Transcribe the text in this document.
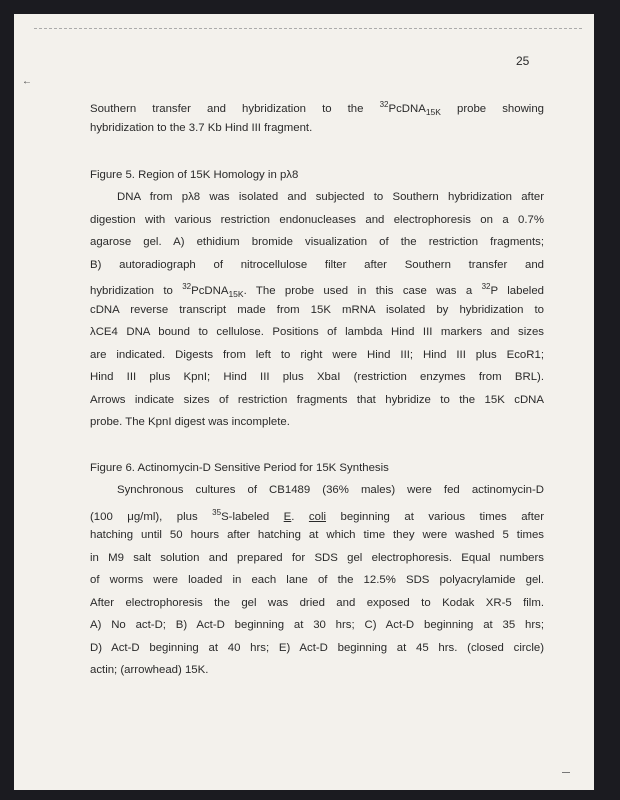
←
25
Southern transfer and hybridization to the $^{32}$PcDNA$_{15K}$ probe showing
hybridization to the 3.7 Kb Hind III fragment.
Figure 5. Region of 15K Homology in pλ8
DNA from pλ8 was isolated and subjected to Southern hybridization after
digestion with various restriction endonucleases and electrophoresis on a 0.7%
agarose gel. A) ethidium bromide visualization of the restriction fragments;
B) autoradiograph of nitrocellulose filter after Southern transfer and
hybridization to $^{32}$PcDNA$_{15K}$. The probe used in this case was a $^{32}$P labeled
cDNA reverse transcript made from 15K mRNA isolated by hybridization to
λCE4 DNA bound to cellulose. Positions of lambda Hind III markers and sizes
are indicated. Digests from left to right were Hind III; Hind III plus EcoR1;
Hind III plus KpnI; Hind III plus XbaI (restriction enzymes from BRL).
Arrows indicate sizes of restriction fragments that hybridize to the 15K cDNA
probe. The KpnI digest was incomplete.
Figure 6. Actinomycin-D Sensitive Period for 15K Synthesis
Synchronous cultures of CB1489 (36% males) were fed actinomycin-D
(100 μg/ml), plus $^{35}$S-labeled E. coli beginning at various times after
hatching until 50 hours after hatching at which time they were washed 5 times
in M9 salt solution and prepared for SDS gel electrophoresis. Equal numbers
of worms were loaded in each lane of the 12.5% SDS polyacrylamide gel.
After electrophoresis the gel was dried and exposed to Kodak XR-5 film.
A) No act-D; B) Act-D beginning at 30 hrs; C) Act-D beginning at 35 hrs;
D) Act-D beginning at 40 hrs; E) Act-D beginning at 45 hrs. (closed circle)
actin; (arrowhead) 15K.
